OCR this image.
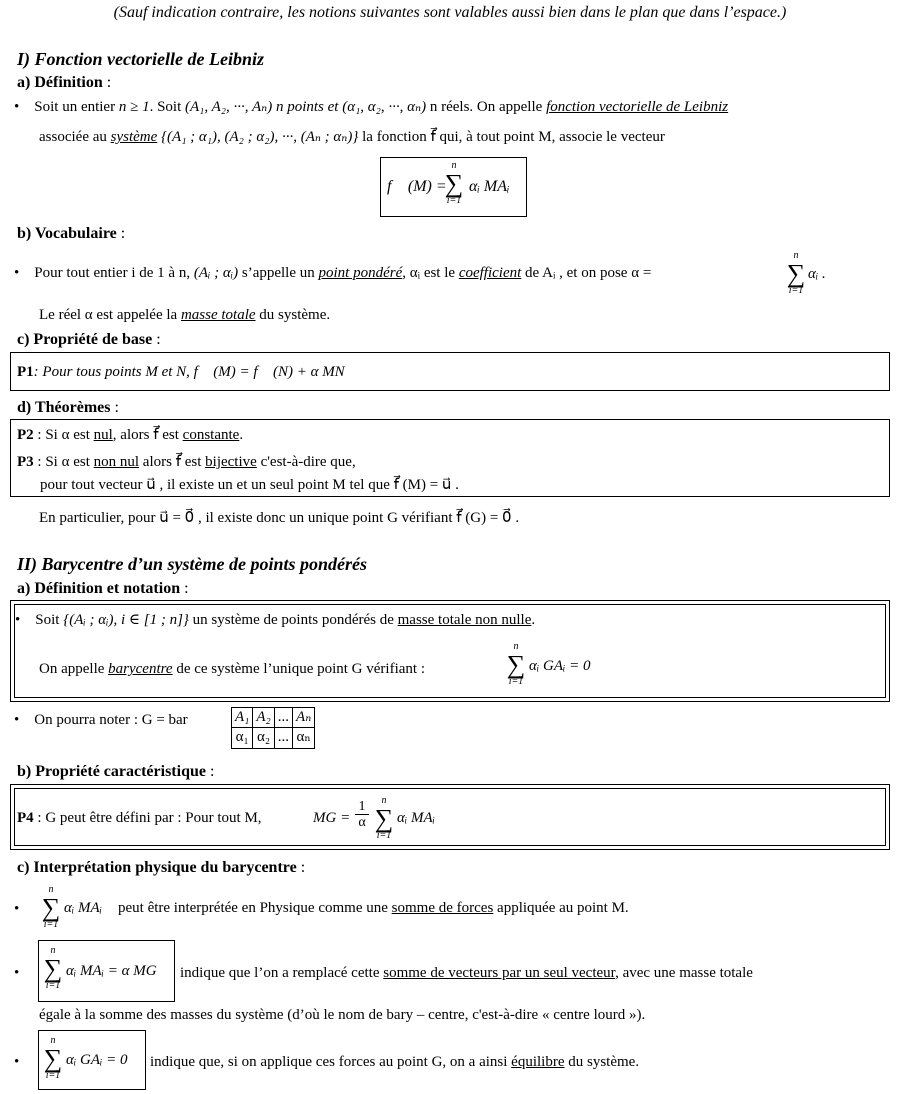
(Sauf indication contraire, les notions suivantes sont valables aussi bien dans le plan que dans l’espace.)
I) Fonction vectorielle de Leibniz
a) Définition :
• Soit un entier n ≥ 1. Soit (A₁, A₂, ···, Aₙ) n points et (α₁, α₂, ···, αₙ) n réels. On appelle fonction vectorielle de Leibniz
associée au système {(A₁ ; α₁), (A₂ ; α₂), ···, (Aₙ ; αₙ)} la fonction f⃗ qui, à tout point M, associe le vecteur
f⃗ (M) =
n
∑
i=1
αᵢ MAᵢ
b) Vocabulaire :
• Pour tout entier i de 1 à n, (Aᵢ ; αᵢ) s’appelle un point pondéré, αᵢ est le coefficient de Aᵢ , et on pose α =
n
∑
i=1
αᵢ .
Le réel α est appelée la masse totale du système.
c) Propriété de base :
P1: Pour tous points M et N, f⃗ (M) = f⃗ (N) + α MN
d) Théorèmes :
P2 : Si α est nul, alors f⃗ est constante.
P3 : Si α est non nul alors f⃗ est bijective c'est-à-dire que,
pour tout vecteur u⃗ , il existe un et un seul point M tel que f⃗ (M) = u⃗ .
En particulier, pour u⃗ = 0⃗ , il existe donc un unique point G vérifiant f⃗ (G) = 0⃗ .
II) Barycentre d’un système de points pondérés
a) Définition et notation :
• Soit {(Aᵢ ; αᵢ), i ∈ [1 ; n]} un système de points pondérés de masse totale non nulle.
On appelle barycentre de ce système l’unique point G vérifiant :
n
∑
i=1
αᵢ GAᵢ = 0⃗
• On pourra noter : G = bar	A₁	A₂	...	Aₙ
α₁	α₂	...	αₙ
b) Propriété caractéristique :
P4 : G peut être défini par : Pour tout M,	MG =
1
α
n
∑
i=1
αᵢ MAᵢ
c) Interprétation physique du barycentre :
•
n
∑
i=1
αᵢ MAᵢ peut être interprétée en Physique comme une somme de forces appliquée au point M.
•
n
∑
i=1
αᵢ MAᵢ = α MG indique que l’on a remplacé cette somme de vecteurs par un seul vecteur, avec une masse totale
égale à la somme des masses du système (d’où le nom de bary – centre, c'est-à-dire « centre lourd »).
•
n
∑
i=1
αᵢ GAᵢ = 0⃗ indique que, si on applique ces forces au point G, on a ainsi équilibre du système.
